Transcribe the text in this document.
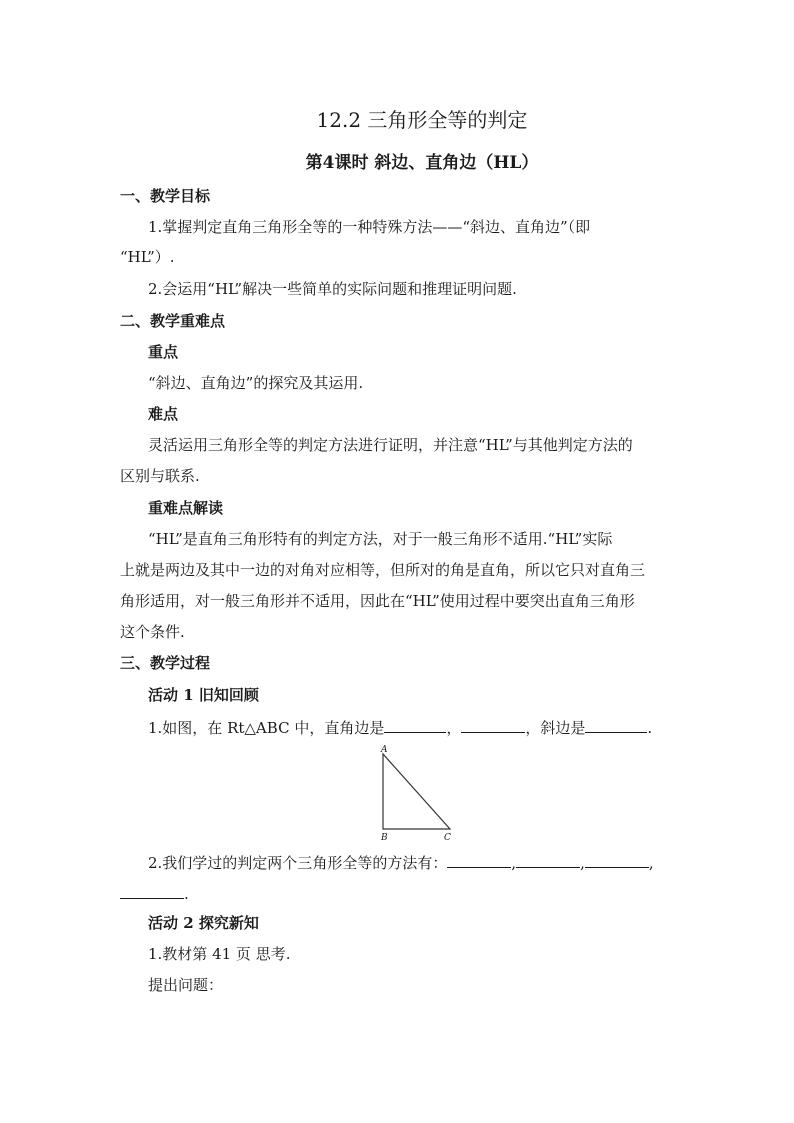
12.2 三角形全等的判定
第4课时 斜边、直角边（HL）
一、教学目标
1.掌握判定直角三角形全等的一种特殊方法——“斜边、直角边”（即
“HL”）.
2.会运用“HL”解决一些简单的实际问题和推理证明问题.
二、教学重难点
重点
“斜边、直角边”的探究及其运用.
难点
灵活运用三角形全等的判定方法进行证明，并注意“HL”与其他判定方法的
区别与联系.
重难点解读
“HL”是直角三角形特有的判定方法，对于一般三角形不适用.“HL”实际
上就是两边及其中一边的对角对应相等，但所对的角是直角，所以它只对直角三
角形适用，对一般三角形并不适用，因此在“HL”使用过程中要突出直角三角形
这个条件.
三、教学过程
活动 1 旧知回顾
1.如图，在 Rt△ABC 中，直角边是	，	，斜边是	.
A
B	C
2.我们学过的判定两个三角形全等的方法有：	,	,	,
.
活动 2 探究新知
1.教材第 41 页 思考.
提出问题：
